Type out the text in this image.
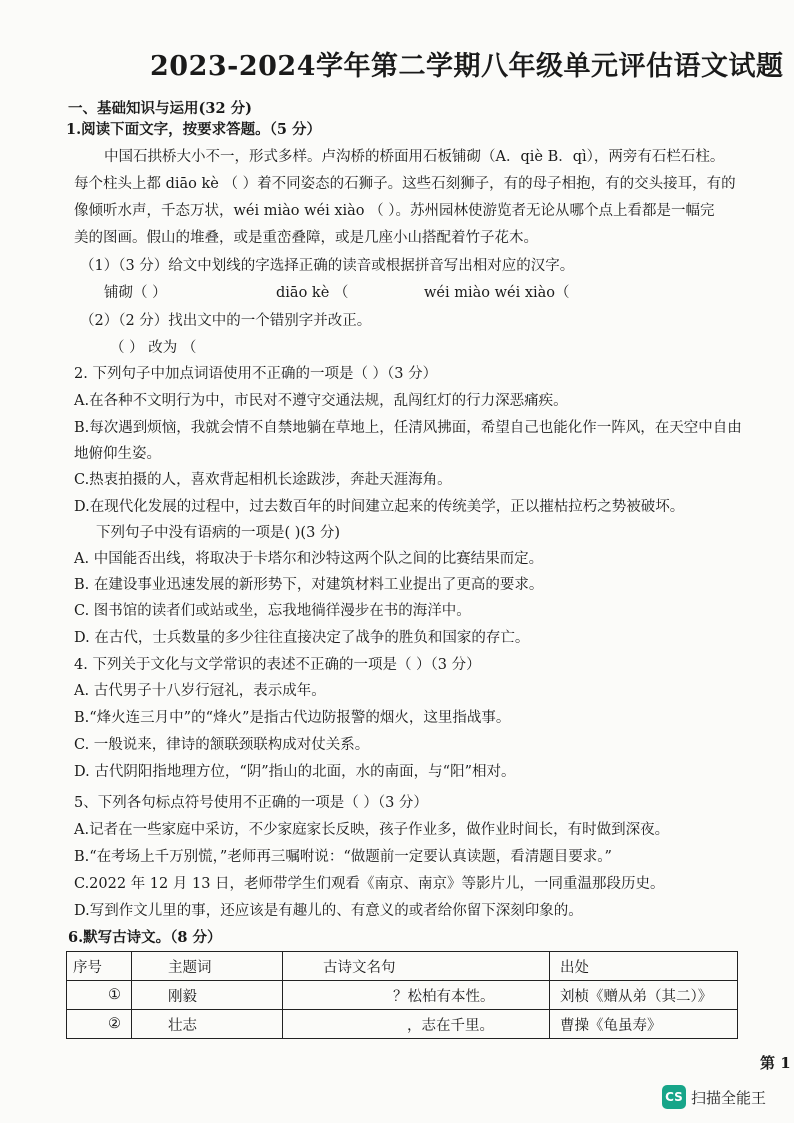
2023-2024学年第二学期八年级单元评估语文试题
一、基础知识与运用(32 分)
1.阅读下面文字，按要求答题。（5 分）
中国石拱桥大小不一，形式多样。卢沟桥的桥面用石板铺砌（A．qiè B．qì），两旁有石栏石柱。
每个柱头上都 diāo kè （ ）着不同姿态的石狮子。这些石刻狮子，有的母子相抱，有的交头接耳，有的
像倾听水声，千态万状，wéi miào wéi xiào （ ）。苏州园林使游览者无论从哪个点上看都是一幅完
美的图画。假山的堆叠，或是重峦叠障，或是几座小山搭配着竹子花木。
（1）（3 分）给文中划线的字选择正确的读音或根据拼音写出相对应的汉字。
铺砌（ ）	diāo kè （	wéi miào wéi xiào（
（2）（2 分）找出文中的一个错别字并改正。
（ ） 改为 （
2. 下列句子中加点词语使用不正确的一项是（ ）（3 分）
A.在各种不文明行为中，市民对不遵守交通法规，乱闯红灯的行力深恶痛疾。
B.每次遇到烦恼，我就会情不自禁地躺在草地上，任清风拂面，希望自己也能化作一阵风，在天空中自由
地俯仰生姿。
C.热衷拍摄的人，喜欢背起相机长途跋涉，奔赴天涯海角。
D.在现代化发展的过程中，过去数百年的时间建立起来的传统美学，正以摧枯拉朽之势被破坏。
下列句子中没有语病的一项是( )(3 分)
A. 中国能否出线，将取决于卡塔尔和沙特这两个队之间的比赛结果而定。
B. 在建设事业迅速发展的新形势下，对建筑材料工业提出了更高的要求。
C. 图书馆的读者们或站或坐，忘我地徜徉漫步在书的海洋中。
D. 在古代，士兵数量的多少往往直接决定了战争的胜负和国家的存亡。
4. 下列关于文化与文学常识的表述不正确的一项是（ ）（3 分）
A. 古代男子十八岁行冠礼，表示成年。
B.“烽火连三月中”的“烽火”是指古代边防报警的烟火，这里指战事。
C. 一般说来，律诗的颔联颈联构成对仗关系。
D. 古代阴阳指地理方位，“阴”指山的北面，水的南面，与“阳”相对。
5、下列各句标点符号使用不正确的一项是（ ）（3 分）
A.记者在一些家庭中采访，不少家庭家长反映，孩子作业多，做作业时间长，有时做到深夜。
B.“在考场上千万别慌，”老师再三嘱咐说：“做题前一定要认真读题，看清题目要求。”
C.2022 年 12 月 13 日，老师带学生们观看《南京、南京》等影片儿，一同重温那段历史。
D.写到作文儿里的事，还应该是有趣儿的、有意义的或者给你留下深刻印象的。
6.默写古诗文。（8 分）
序号	主题词	古诗文名句	出处
①	刚毅	？松柏有本性。	刘桢《赠从弟（其二）》
②	壮志	，志在千里。	曹操《龟虽寿》
第 1
CS 扫描全能王
